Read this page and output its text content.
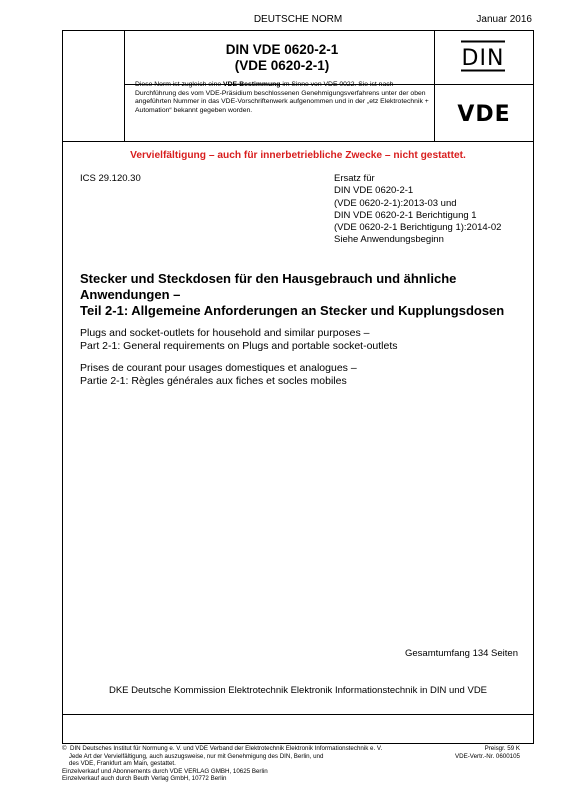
DEUTSCHE NORM	Januar 2016
DIN VDE 0620-2-1
(VDE 0620-2-1)	DIN
Diese Norm ist zugleich eine VDE-Bestimmung im Sinne von VDE 0022. Sie ist nach Durchführung des vom VDE-Präsidium beschlossenen Genehmigungsverfahrens unter der oben angeführten Nummer in das VDE-Vorschriftenwerk aufgenommen und in der „etz Elektrotechnik + Automation“ bekannt gegeben worden.	VDE
Vervielfältigung – auch für innerbetriebliche Zwecke – nicht gestattet.
ICS 29.120.30	Ersatz für
DIN VDE 0620-2-1
(VDE 0620-2-1):2013-03 und
DIN VDE 0620-2-1 Berichtigung 1
(VDE 0620-2-1 Berichtigung 1):2014-02
Siehe Anwendungsbeginn
Stecker und Steckdosen für den Hausgebrauch und ähnliche
Anwendungen –
Teil 2-1: Allgemeine Anforderungen an Stecker und Kupplungsdosen
Plugs and socket-outlets for household and similar purposes –
Part 2-1: General requirements on Plugs and portable socket-outlets
Prises de courant pour usages domestiques et analogues –
Partie 2-1: Règles générales aux fiches et socles mobiles
Gesamtumfang 134 Seiten
DKE Deutsche Kommission Elektrotechnik Elektronik Informationstechnik in DIN und VDE
©  DIN Deutsches Institut für Normung e. V. und VDE Verband der Elektrotechnik Elektronik Informationstechnik e. V.
Jede Art der Vervielfältigung, auch auszugsweise, nur mit Genehmigung des DIN, Berlin, und
des VDE, Frankfurt am Main, gestattet.
Einzelverkauf und Abonnements durch VDE VERLAG GMBH, 10625 Berlin
Einzelverkauf auch durch Beuth Verlag GmbH, 10772 Berlin
Preisgr. 59 K
VDE-Vertr.-Nr. 0600105
